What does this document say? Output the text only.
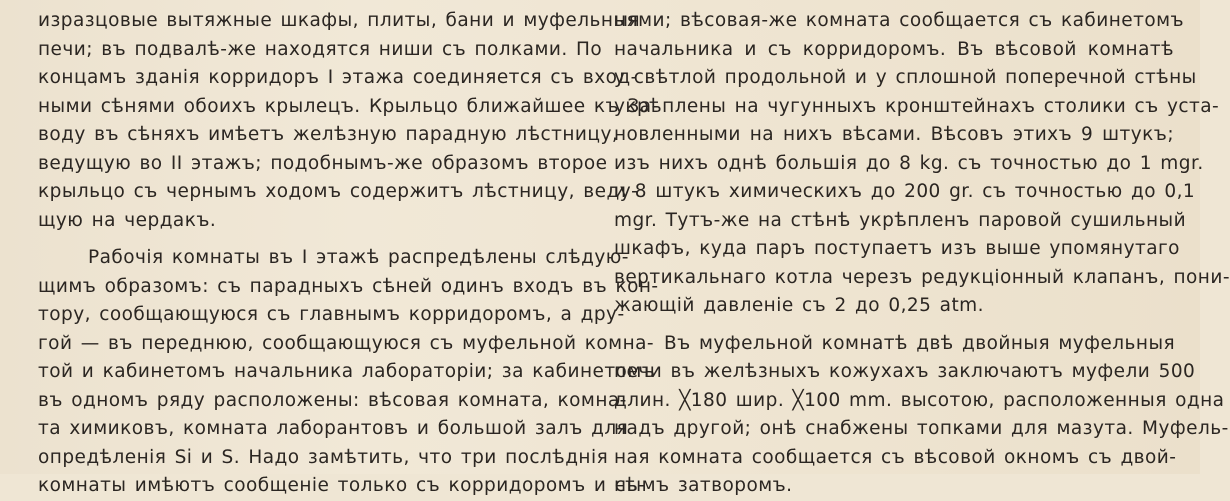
изразцовые вытяжные шкафы, плиты, бани и муфельныя
печи; въ подвалѣ-же находятся ниши съ полками. По
концамъ зданія корридоръ I этажа соединяется съ вход-
ными сѣнями обоихъ крылецъ. Крыльцо ближайшее къ За-
воду въ сѣняхъ имѣетъ желѣзную парадную лѣстницу,
ведущую во II этажъ; подобнымъ-же образомъ второе
крыльцо съ чернымъ ходомъ содержитъ лѣстницу, веду-
щую на чердакъ.
Рабочія комнаты въ I этажѣ распредѣлены слѣдую-
щимъ образомъ: съ парадныхъ сѣней одинъ входъ въ кон-
тору, сообщающуюся съ главнымъ корридоромъ, а дру-
гой — въ переднюю, сообщающуюся съ муфельной комна-
той и кабинетомъ начальника лабораторіи; за кабинетомъ
въ одномъ ряду расположены: вѣсовая комната, комна-
та химиковъ, комната лаборантовъ и большой залъ для
опредѣленія Si и S. Надо замѣтить, что три послѣднія
комнаты имѣютъ сообщеніе только съ корридоромъ и сѣ-
нями; вѣсовая-же комната сообщается съ кабинетомъ
начальника и съ корридоромъ. Въ вѣсовой комнатѣ
у свѣтлой продольной и у сплошной поперечной стѣны
укрѣплены на чугунныхъ кронштейнахъ столики съ уста-
новленными на нихъ вѣсами. Вѣсовъ этихъ 9 штукъ;
изъ нихъ однѣ большія до 8 kg. съ точностью до 1 mgr.
и 8 штукъ химическихъ до 200 gr. съ точностью до 0,1
mgr. Тутъ-же на стѣнѣ укрѣпленъ паровой сушильный
шкафъ, куда паръ поступаетъ изъ выше упомянутаго
вертикальнаго котла черезъ редукціонный клапанъ, пони-
жающій давленіе съ 2 до 0,25 atm.
Въ муфельной комнатѣ двѣ двойныя муфельныя
печи въ желѣзныхъ кожухахъ заключаютъ муфели 500
длин. ╳180 шир. ╳100 mm. высотою, расположенныя одна
надъ другой; онѣ снабжены топками для мазута. Муфель-
ная комната сообщается съ вѣсовой окномъ съ двой-
нымъ затворомъ.
